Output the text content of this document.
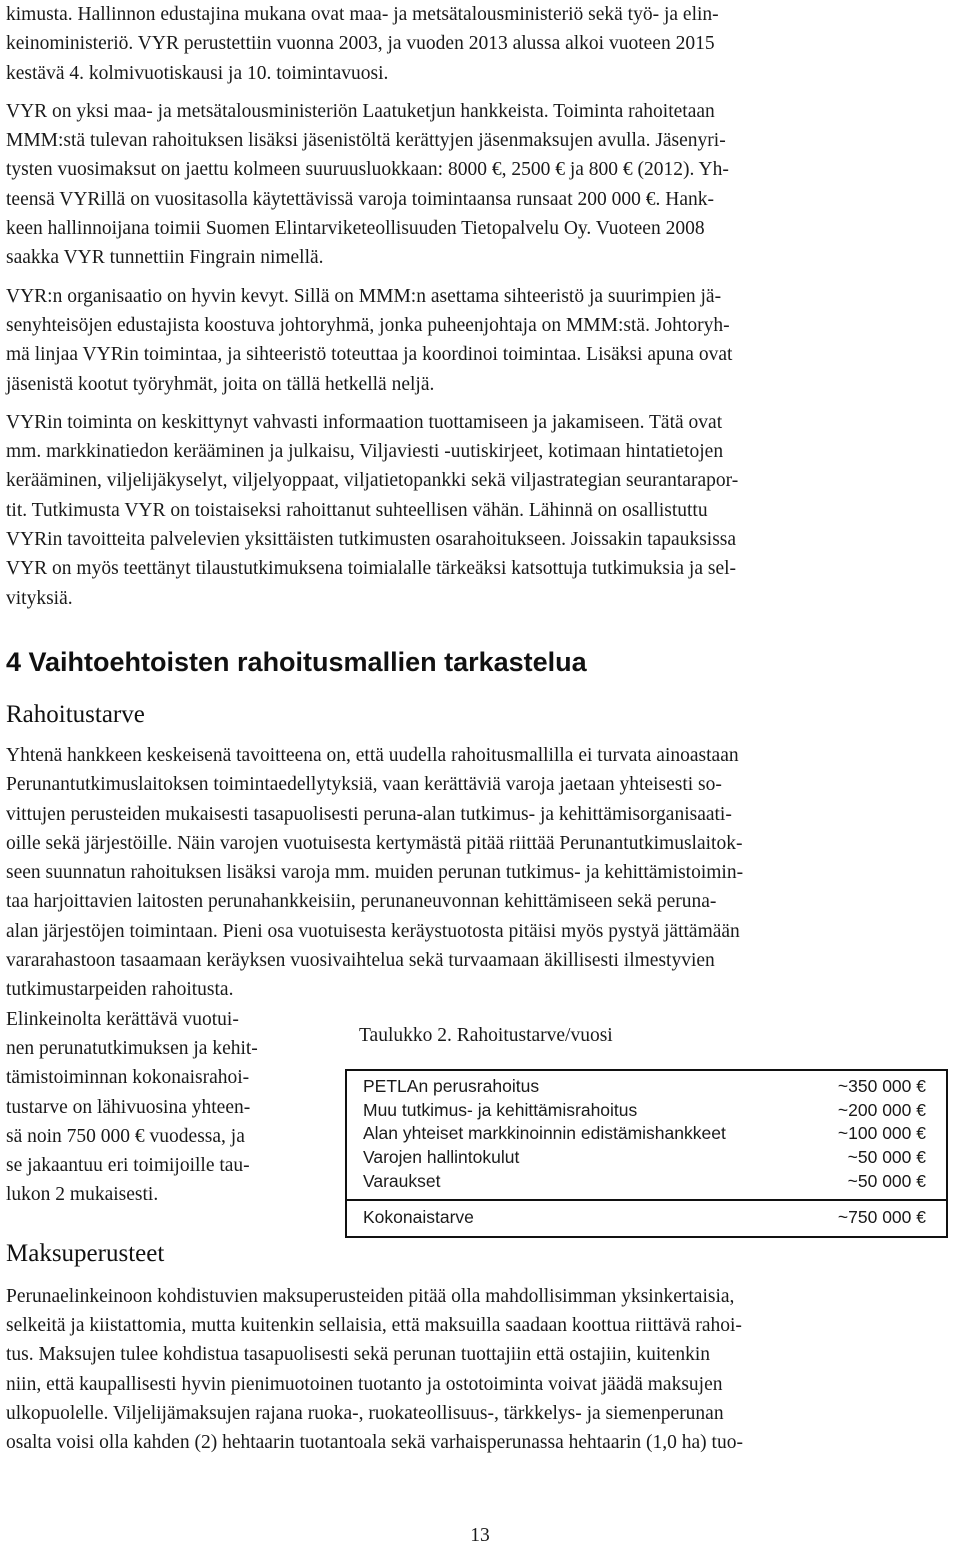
kimusta. Hallinnon edustajina mukana ovat maa- ja metsätalousministeriö sekä työ- ja elin-

keinoministeriö. VYR perustettiin vuonna 2003, ja vuoden 2013 alussa alkoi vuoteen 2015

kestävä 4. kolmivuotiskausi ja 10. toimintavuosi.

VYR on yksi maa- ja metsätalousministeriön Laatuketjun hankkeista. Toiminta rahoitetaan

MMM:stä tulevan rahoituksen lisäksi jäsenistöltä kerättyjen jäsenmaksujen avulla. Jäsenyri-

tysten vuosimaksut on jaettu kolmeen suuruusluokkaan: 8000 €, 2500 € ja 800 € (2012). Yh-

teensä VYRillä on vuositasolla käytettävissä varoja toimintaansa runsaat 200 000 €. Hank-

keen hallinnoijana toimii Suomen Elintarviketeollisuuden Tietopalvelu Oy. Vuoteen 2008

saakka VYR tunnettiin Fingrain nimellä.

VYR:n organisaatio on hyvin kevyt. Sillä on MMM:n asettama sihteeristö ja suurimpien jä-

senyhteisöjen edustajista koostuva johtoryhmä, jonka puheenjohtaja on MMM:stä. Johtoryh-

mä linjaa VYRin toimintaa, ja sihteeristö toteuttaa ja koordinoi toimintaa. Lisäksi apuna ovat

jäsenistä kootut työryhmät, joita on tällä hetkellä neljä.

VYRin toiminta on keskittynyt vahvasti informaation tuottamiseen ja jakamiseen. Tätä ovat

mm. markkinatiedon kerääminen ja julkaisu, Viljaviesti -uutiskirjeet, kotimaan hintatietojen

kerääminen, viljelijäkyselyt, viljelyoppaat, viljatietopankki sekä viljastrategian seurantarapor-

tit. Tutkimusta VYR on toistaiseksi rahoittanut suhteellisen vähän. Lähinnä on osallistuttu

VYRin tavoitteita palvelevien yksittäisten tutkimusten osarahoitukseen. Joissakin tapauksissa

VYR on myös teettänyt tilaustutkimuksena toimialalle tärkeäksi katsottuja tutkimuksia ja sel-

vityksiä.

4 Vaihtoehtoisten rahoitusmallien tarkastelua
Rahoitustarve

Yhtenä hankkeen keskeisenä tavoitteena on, että uudella rahoitusmallilla ei turvata ainoastaan

Perunantutkimuslaitoksen toimintaedellytyksiä, vaan kerättäviä varoja jaetaan yhteisesti so-

vittujen perusteiden mukaisesti tasapuolisesti peruna-alan tutkimus- ja kehittämisorganisaati-

oille sekä järjestöille. Näin varojen vuotuisesta kertymästä pitää riittää Perunantutkimuslaitok-

seen suunnatun rahoituksen lisäksi varoja mm. muiden perunan tutkimus- ja kehittämistoimin-

taa harjoittavien laitosten perunahankkeisiin, perunaneuvonnan kehittämiseen sekä peruna-

alan järjestöjen toimintaan. Pieni osa vuotuisesta keräystuotosta pitäisi myös pystyä jättämään

vararahastoon tasaamaan keräyksen vuosivaihtelua sekä turvaamaan äkillisesti ilmestyvien

tutkimustarpeiden rahoitusta.

Elinkeinolta kerättävä vuotui-

nen perunatutkimuksen ja kehit-

tämistoiminnan kokonaisrahoi-

tustarve on lähivuosina yhteen-

sä noin 750 000 € vuodessa, ja

se jakaantuu eri toimijoille tau-

lukon 2 mukaisesti.

Maksuperusteet

Perunaelinkeinoon kohdistuvien maksuperusteiden pitää olla mahdollisimman yksinkertaisia,

selkeitä ja kiistattomia, mutta kuitenkin sellaisia, että maksuilla saadaan koottua riittävä rahoi-

tus. Maksujen tulee kohdistua tasapuolisesti sekä perunan tuottajiin että ostajiin, kuitenkin

niin, että kaupallisesti hyvin pienimuotoinen tuotanto ja ostotoiminta voivat jäädä maksujen

ulkopuolelle. Viljelijämaksujen rajana ruoka-, ruokateollisuus-, tärkkelys- ja siemenperunan

osalta voisi olla kahden (2) hehtaarin tuotantoala sekä varhaisperunassa hehtaarin (1,0 ha) tuo-

Taulukko 2. Rahoitustarve/vuosi
PETLAn perusrahoitus	~350 000 €
Muu tutkimus- ja kehittämisrahoitus	~200 000 €
Alan yhteiset markkinoinnin edistämishankkeet	~100 000 €
Varojen hallintokulut	~50 000 €
Varaukset	~50 000 €
Kokonaistarve	~750 000 €
13
